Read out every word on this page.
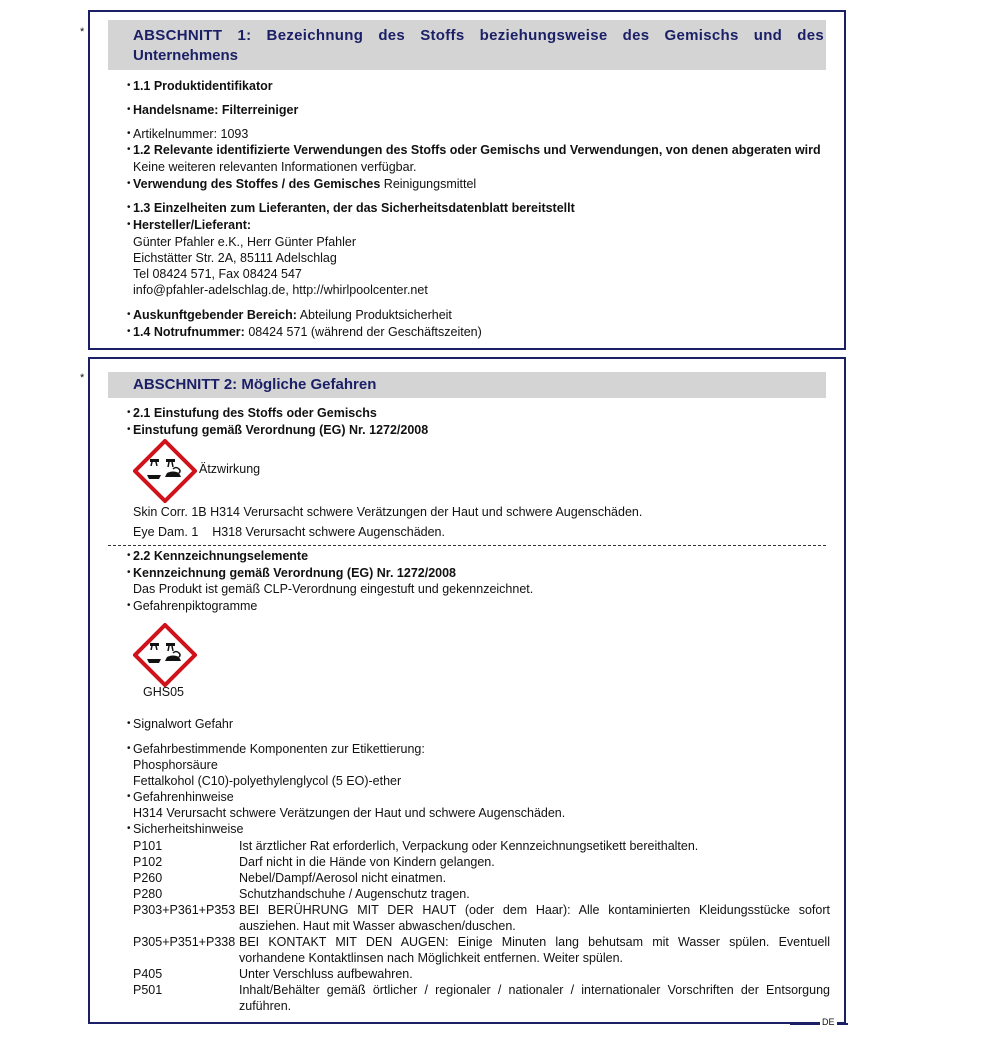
*	ABSCHNITT 1: Bezeichnung des Stoffs beziehungsweise des Gemischs und des
Unternehmens
• 1.1 Produktidentifikator
• Handelsname: Filterreiniger
• Artikelnummer: 1093
• 1.2 Relevante identifizierte Verwendungen des Stoffs oder Gemischs und Verwendungen, von denen abgeraten wird
Keine weiteren relevanten Informationen verfügbar.
• Verwendung des Stoffes / des Gemisches Reinigungsmittel
• 1.3 Einzelheiten zum Lieferanten, der das Sicherheitsdatenblatt bereitstellt
• Hersteller/Lieferant:
Günter Pfahler e.K., Herr Günter Pfahler
Eichstätter Str. 2A, 85111 Adelschlag
Tel 08424 571, Fax 08424 547
info@pfahler-adelschlag.de, http://whirlpoolcenter.net
• Auskunftgebender Bereich: Abteilung Produktsicherheit
• 1.4 Notrufnummer: 08424 571 (während der Geschäftszeiten)
*	ABSCHNITT 2: Mögliche Gefahren
• 2.1 Einstufung des Stoffs oder Gemischs
• Einstufung gemäß Verordnung (EG) Nr. 1272/2008
Ätzwirkung
Skin Corr. 1B H314 Verursacht schwere Verätzungen der Haut und schwere Augenschäden.
Eye Dam. 1    H318 Verursacht schwere Augenschäden.
• 2.2 Kennzeichnungselemente
• Kennzeichnung gemäß Verordnung (EG) Nr. 1272/2008
Das Produkt ist gemäß CLP-Verordnung eingestuft und gekennzeichnet.
• Gefahrenpiktogramme
GHS05
• Signalwort Gefahr
• Gefahrbestimmende Komponenten zur Etikettierung:
Phosphorsäure
Fettalkohol (C10)-polyethylenglycol (5 EO)-ether
• Gefahrenhinweise
H314 Verursacht schwere Verätzungen der Haut und schwere Augenschäden.
• Sicherheitshinweise
P101	Ist ärztlicher Rat erforderlich, Verpackung oder Kennzeichnungsetikett bereithalten.
P102	Darf nicht in die Hände von Kindern gelangen.
P260	Nebel/Dampf/Aerosol nicht einatmen.
P280	Schutzhandschuhe / Augenschutz tragen.
P303+P361+P353 BEI BERÜHRUNG MIT DER HAUT (oder dem Haar): Alle kontaminierten Kleidungsstücke sofort ausziehen. Haut mit Wasser abwaschen/duschen.
P305+P351+P338 BEI KONTAKT MIT DEN AUGEN: Einige Minuten lang behutsam mit Wasser spülen. Eventuell vorhandene Kontaktlinsen nach Möglichkeit entfernen. Weiter spülen.
P405	Unter Verschluss aufbewahren.
P501	Inhalt/Behälter gemäß örtlicher / regionaler / nationaler / internationaler Vorschriften der Entsorgung zuführen.
DE
